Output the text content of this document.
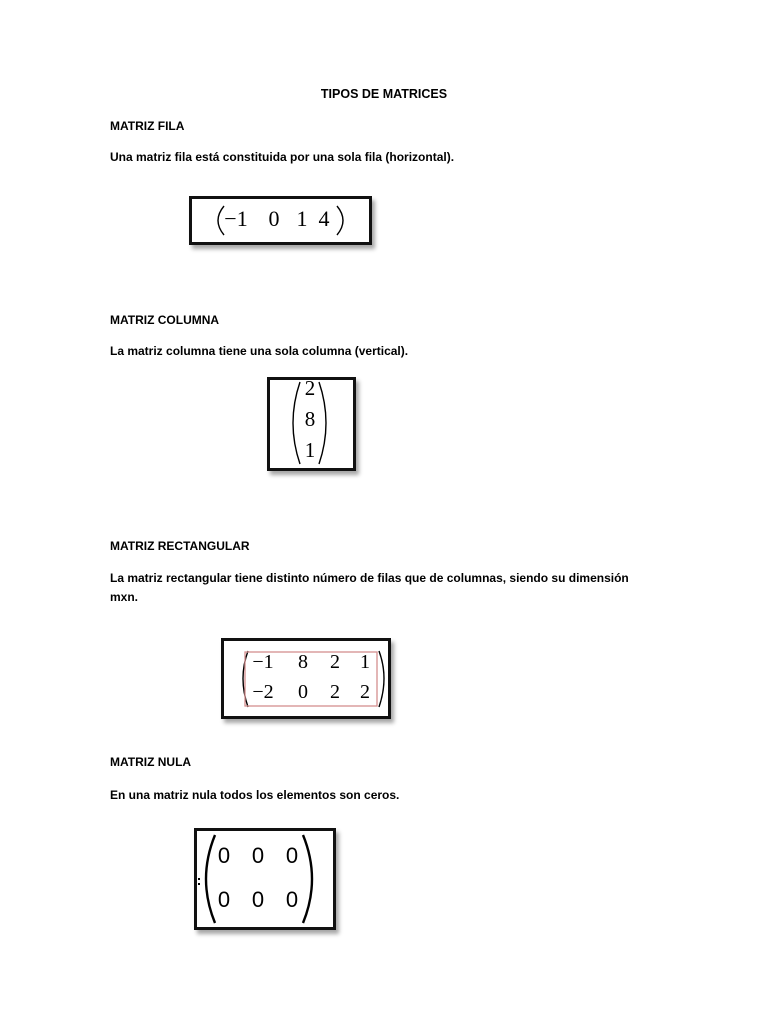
TIPOS DE MATRICES
MATRIZ FILA
Una matriz fila está constituida por una sola fila (horizontal).
−1 0 1 4
MATRIZ COLUMNA
La matriz columna tiene una sola columna (vertical).
2
8
1
MATRIZ RECTANGULAR
La matriz rectangular tiene distinto número de filas que de columnas, siendo su dimensión mxn.
−1	8	2	1
−2	0	2	2
MATRIZ NULA
En una matriz nula todos los elementos son ceros.
0 0 0
0 0 0
